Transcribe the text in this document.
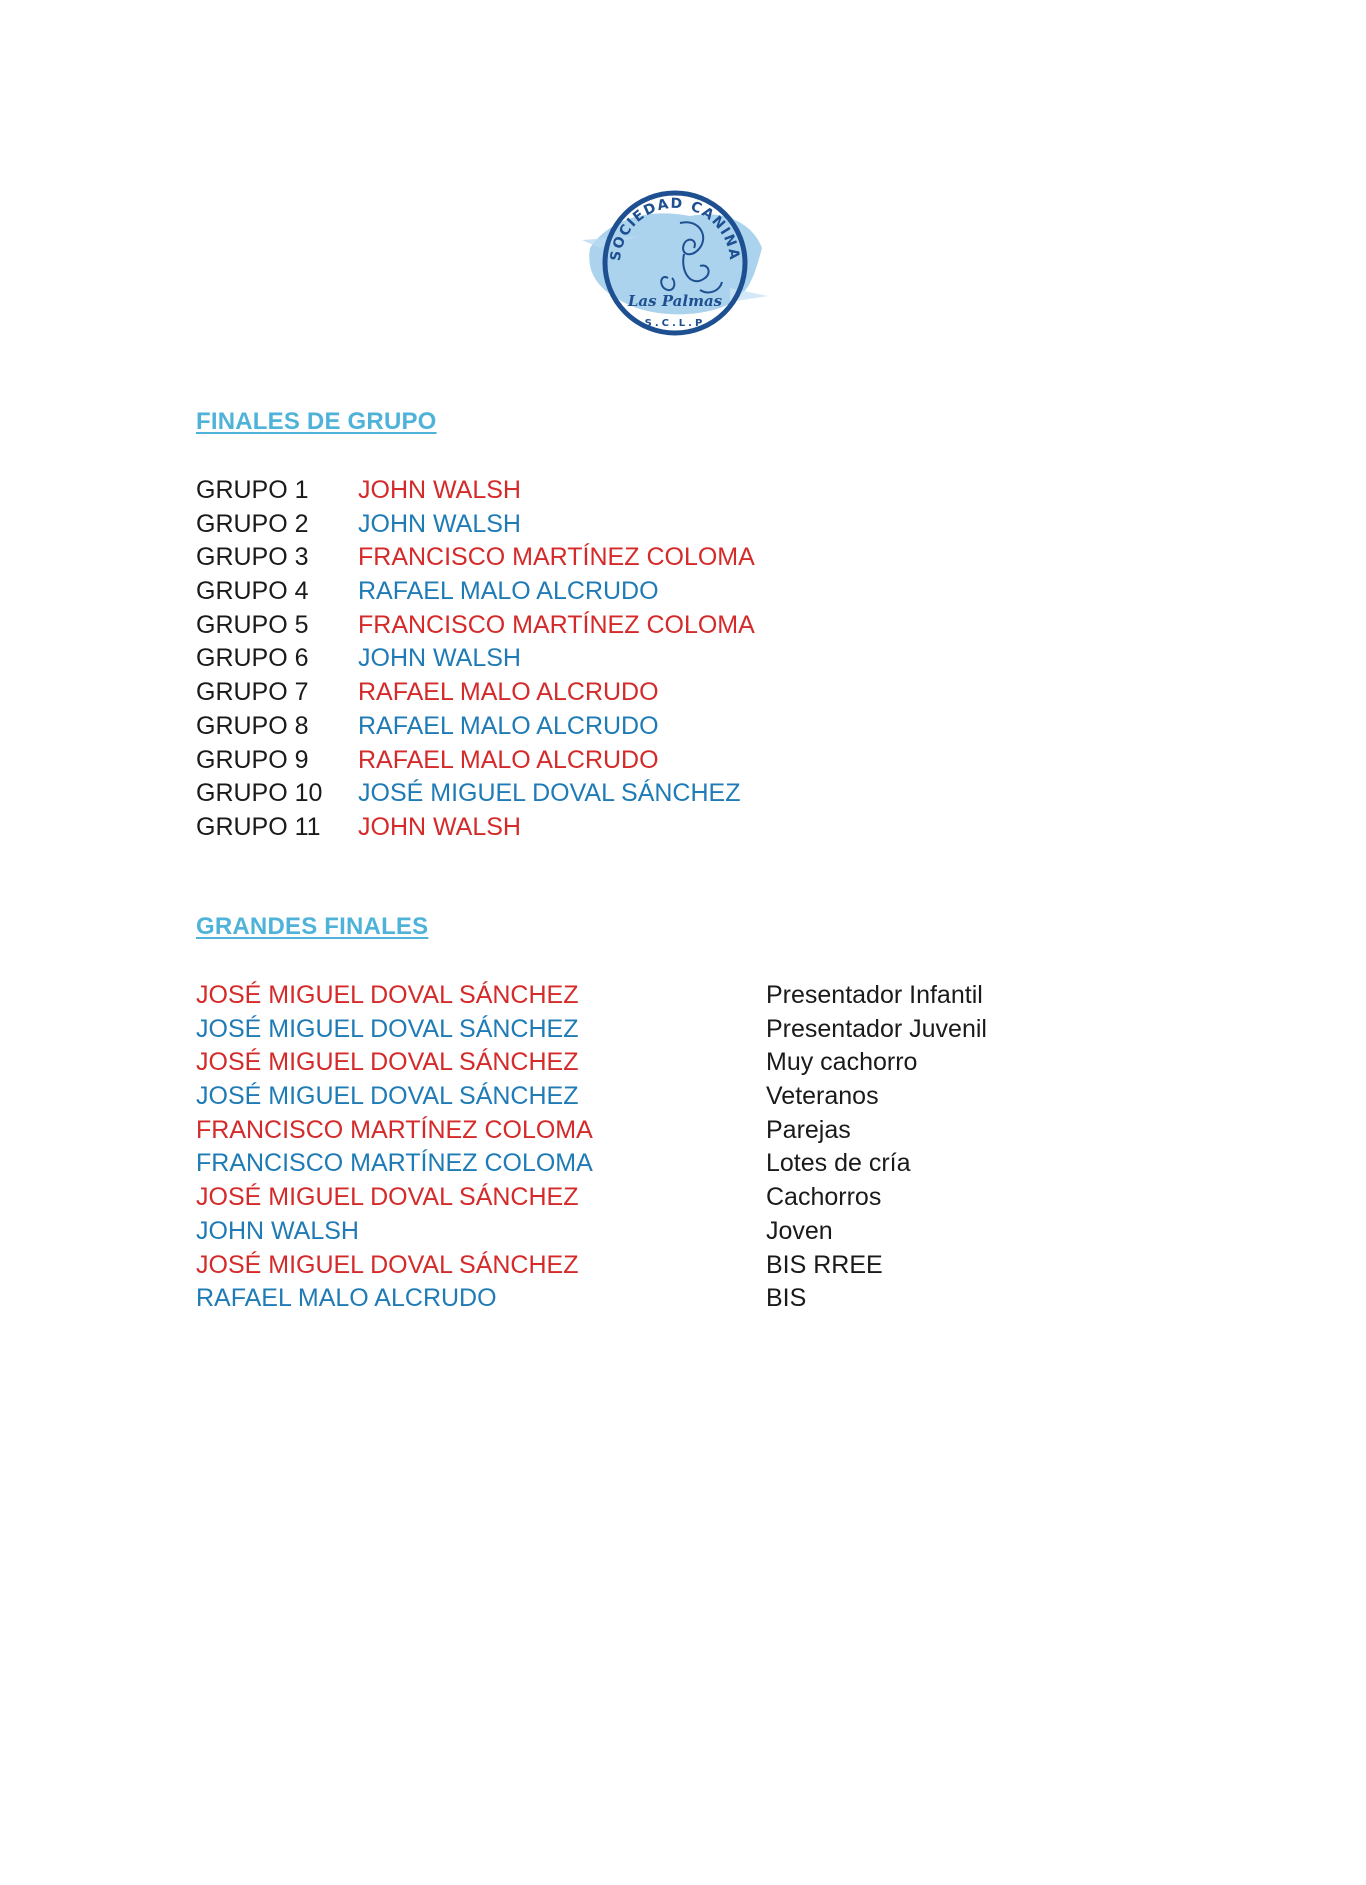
SOCIEDAD CANINA
Las Palmas
S.C.L.P
FINALES DE GRUPO
GRUPO 1 JOHN WALSH
GRUPO 2 JOHN WALSH
GRUPO 3 FRANCISCO MARTÍNEZ COLOMA
GRUPO 4 RAFAEL MALO ALCRUDO
GRUPO 5 FRANCISCO MARTÍNEZ COLOMA
GRUPO 6 JOHN WALSH
GRUPO 7 RAFAEL MALO ALCRUDO
GRUPO 8 RAFAEL MALO ALCRUDO
GRUPO 9 RAFAEL MALO ALCRUDO
GRUPO 10 JOSÉ MIGUEL DOVAL SÁNCHEZ
GRUPO 11 JOHN WALSH
GRANDES FINALES
JOSÉ MIGUEL DOVAL SÁNCHEZ	Presentador Infantil
JOSÉ MIGUEL DOVAL SÁNCHEZ	Presentador Juvenil
JOSÉ MIGUEL DOVAL SÁNCHEZ	Muy cachorro
JOSÉ MIGUEL DOVAL SÁNCHEZ	Veteranos
FRANCISCO MARTÍNEZ COLOMA	Parejas
FRANCISCO MARTÍNEZ COLOMA	Lotes de cría
JOSÉ MIGUEL DOVAL SÁNCHEZ	Cachorros
JOHN WALSH	Joven
JOSÉ MIGUEL DOVAL SÁNCHEZ	BIS RREE
RAFAEL MALO ALCRUDO	BIS
